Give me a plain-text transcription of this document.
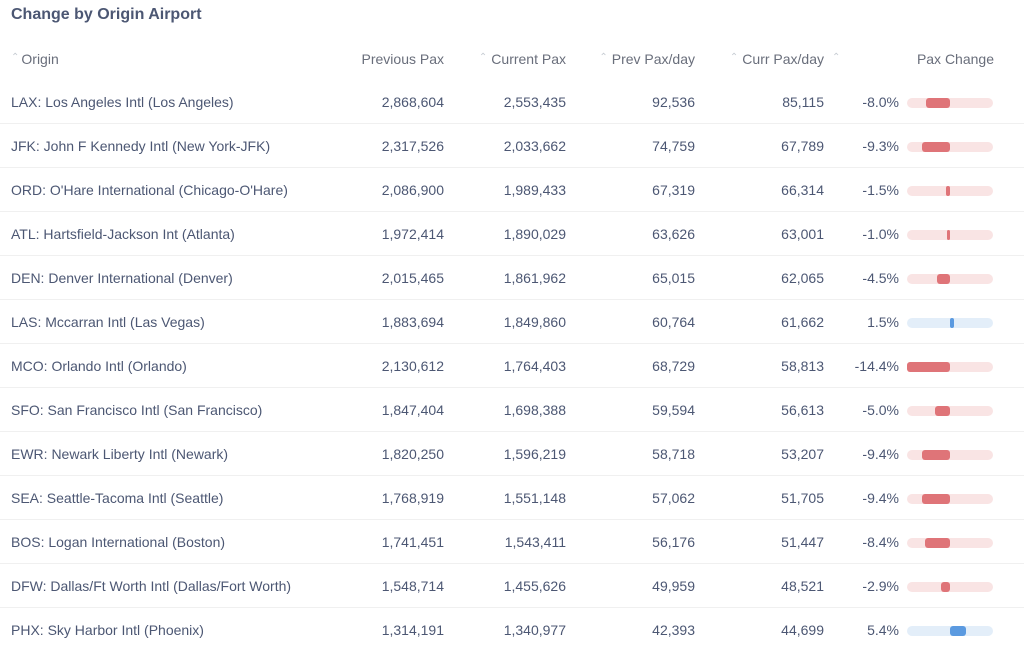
Change by Origin Airport
⌃ Origin	Previous Pax	⌃ Current Pax	⌃ Prev Pax/day	⌃ Curr Pax/day	⌃	Pax Change
LAX: Los Angeles Intl (Los Angeles)	2,868,604	2,553,435	92,536	85,115	-8.0%	

JFK: John F Kennedy Intl (New York-JFK)	2,317,526	2,033,662	74,759	67,789	-9.3%	

ORD: O'Hare International (Chicago-O'Hare)	2,086,900	1,989,433	67,319	66,314	-1.5%	

ATL: Hartsfield-Jackson Int (Atlanta)	1,972,414	1,890,029	63,626	63,001	-1.0%	

DEN: Denver International (Denver)	2,015,465	1,861,962	65,015	62,065	-4.5%	

LAS: Mccarran Intl (Las Vegas)	1,883,694	1,849,860	60,764	61,662	1.5%	

MCO: Orlando Intl (Orlando)	2,130,612	1,764,403	68,729	58,813	-14.4%	

SFO: San Francisco Intl (San Francisco)	1,847,404	1,698,388	59,594	56,613	-5.0%	

EWR: Newark Liberty Intl (Newark)	1,820,250	1,596,219	58,718	53,207	-9.4%	

SEA: Seattle-Tacoma Intl (Seattle)	1,768,919	1,551,148	57,062	51,705	-9.4%	

BOS: Logan International (Boston)	1,741,451	1,543,411	56,176	51,447	-8.4%	

DFW: Dallas/Ft Worth Intl (Dallas/Fort Worth)	1,548,714	1,455,626	49,959	48,521	-2.9%	

PHX: Sky Harbor Intl (Phoenix)	1,314,191	1,340,977	42,393	44,699	5.4%	
